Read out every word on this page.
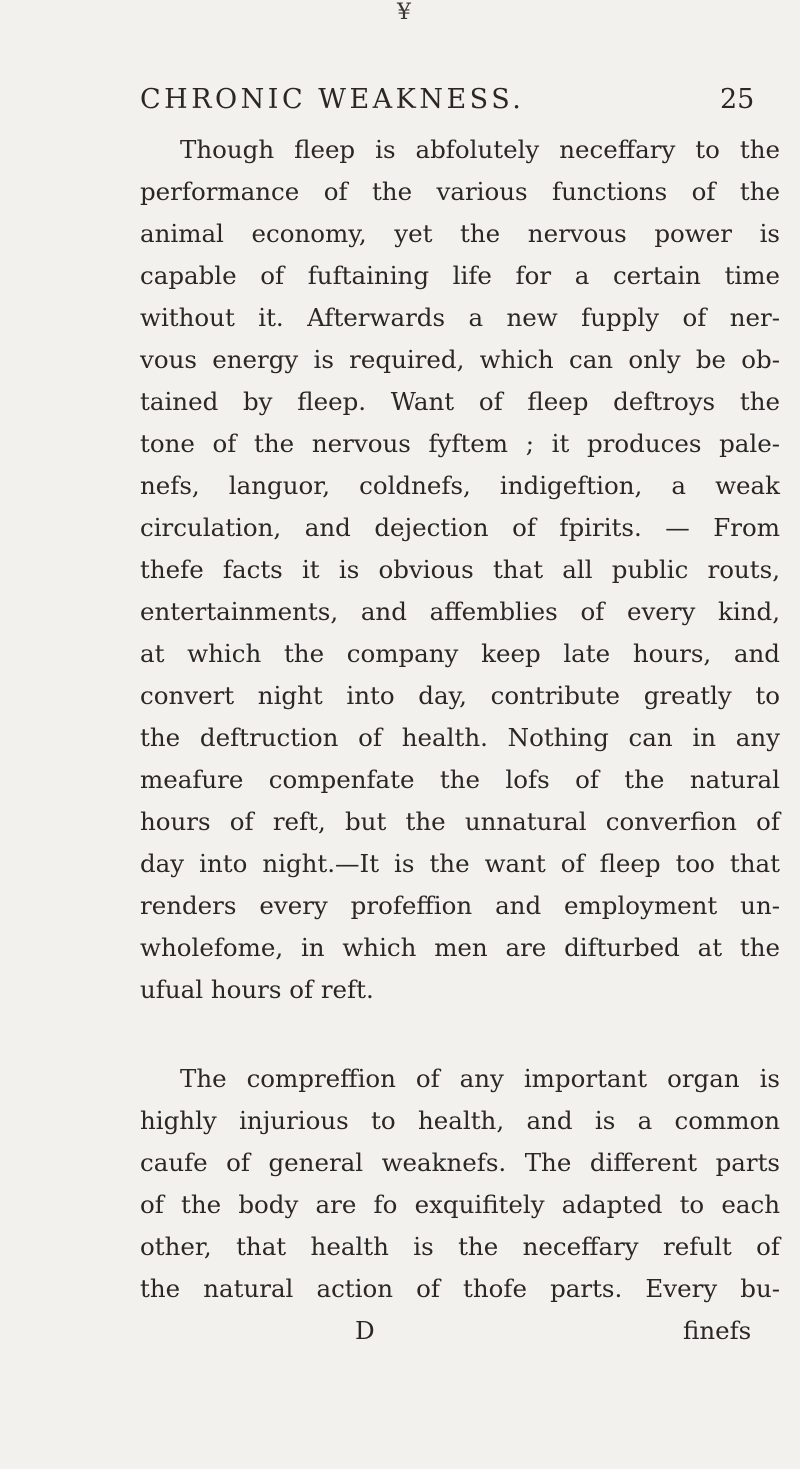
¥
CHRONIC WEAKNESS.	25
Though fleep is abfolutely neceffary to the
performance of the various functions of the
animal economy, yet the nervous power is
capable of fuftaining life for a certain time
without it. Afterwards a new fupply of ner-
vous energy is required, which can only be ob-
tained by fleep. Want of fleep deftroys the
tone of the nervous fyftem ; it produces pale-
nefs, languor, coldnefs, indigeftion, a weak
circulation, and dejection of fpirits. — From
thefe facts it is obvious that all public routs,
entertainments, and affemblies of every kind,
at which the company keep late hours, and
convert night into day, contribute greatly to
the deftruction of health. Nothing can in any
meafure compenfate the lofs of the natural
hours of reft, but the unnatural converfion of
day into night.—It is the want of fleep too that
renders every profeffion and employment un-
wholefome, in which men are difturbed at the
ufual hours of reft.
The compreffion of any important organ is
highly injurious to health, and is a common
caufe of general weaknefs. The different parts
of the body are fo exquifitely adapted to each
other, that health is the neceffary refult of
the natural action of thofe parts. Every bu-
D	finefs
